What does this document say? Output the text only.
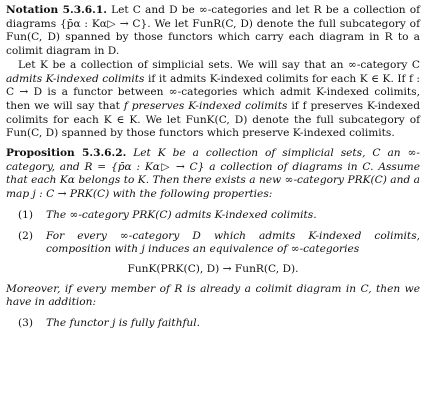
Notation 5.3.6.1. Let C and D be ∞-categories and let R be a collection of diagrams {p̄α : Kα▷ → C}. We let FunR(C, D) denote the full subcategory of Fun(C, D) spanned by those functors which carry each diagram in R to a colimit diagram in D.

Let K be a collection of simplicial sets. We will say that an ∞-category C admits K-indexed colimits if it admits K-indexed colimits for each K ∈ K. If f : C → D is a functor between ∞-categories which admit K-indexed colimits, then we will say that f preserves K-indexed colimits if f preserves K-indexed colimits for each K ∈ K. We let FunK(C, D) denote the full subcategory of Fun(C, D) spanned by those functors which preserve K-indexed colimits.

Proposition 5.3.6.2. Let K be a collection of simplicial sets, C an ∞-category, and R = {p̄α : Kα▷ → C} a collection of diagrams in C. Assume that each Kα belongs to K. Then there exists a new ∞-category PRK(C) and a map j : C → PRK(C) with the following properties:

(1) The ∞-category PRK(C) admits K-indexed colimits.
(2) For every ∞-category D which admits K-indexed colimits, composition with j induces an equivalence of ∞-categories

FunK(PRK(C), D) → FunR(C, D).

Moreover, if every member of R is already a colimit diagram in C, then we have in addition:

(3) The functor j is fully faithful.
